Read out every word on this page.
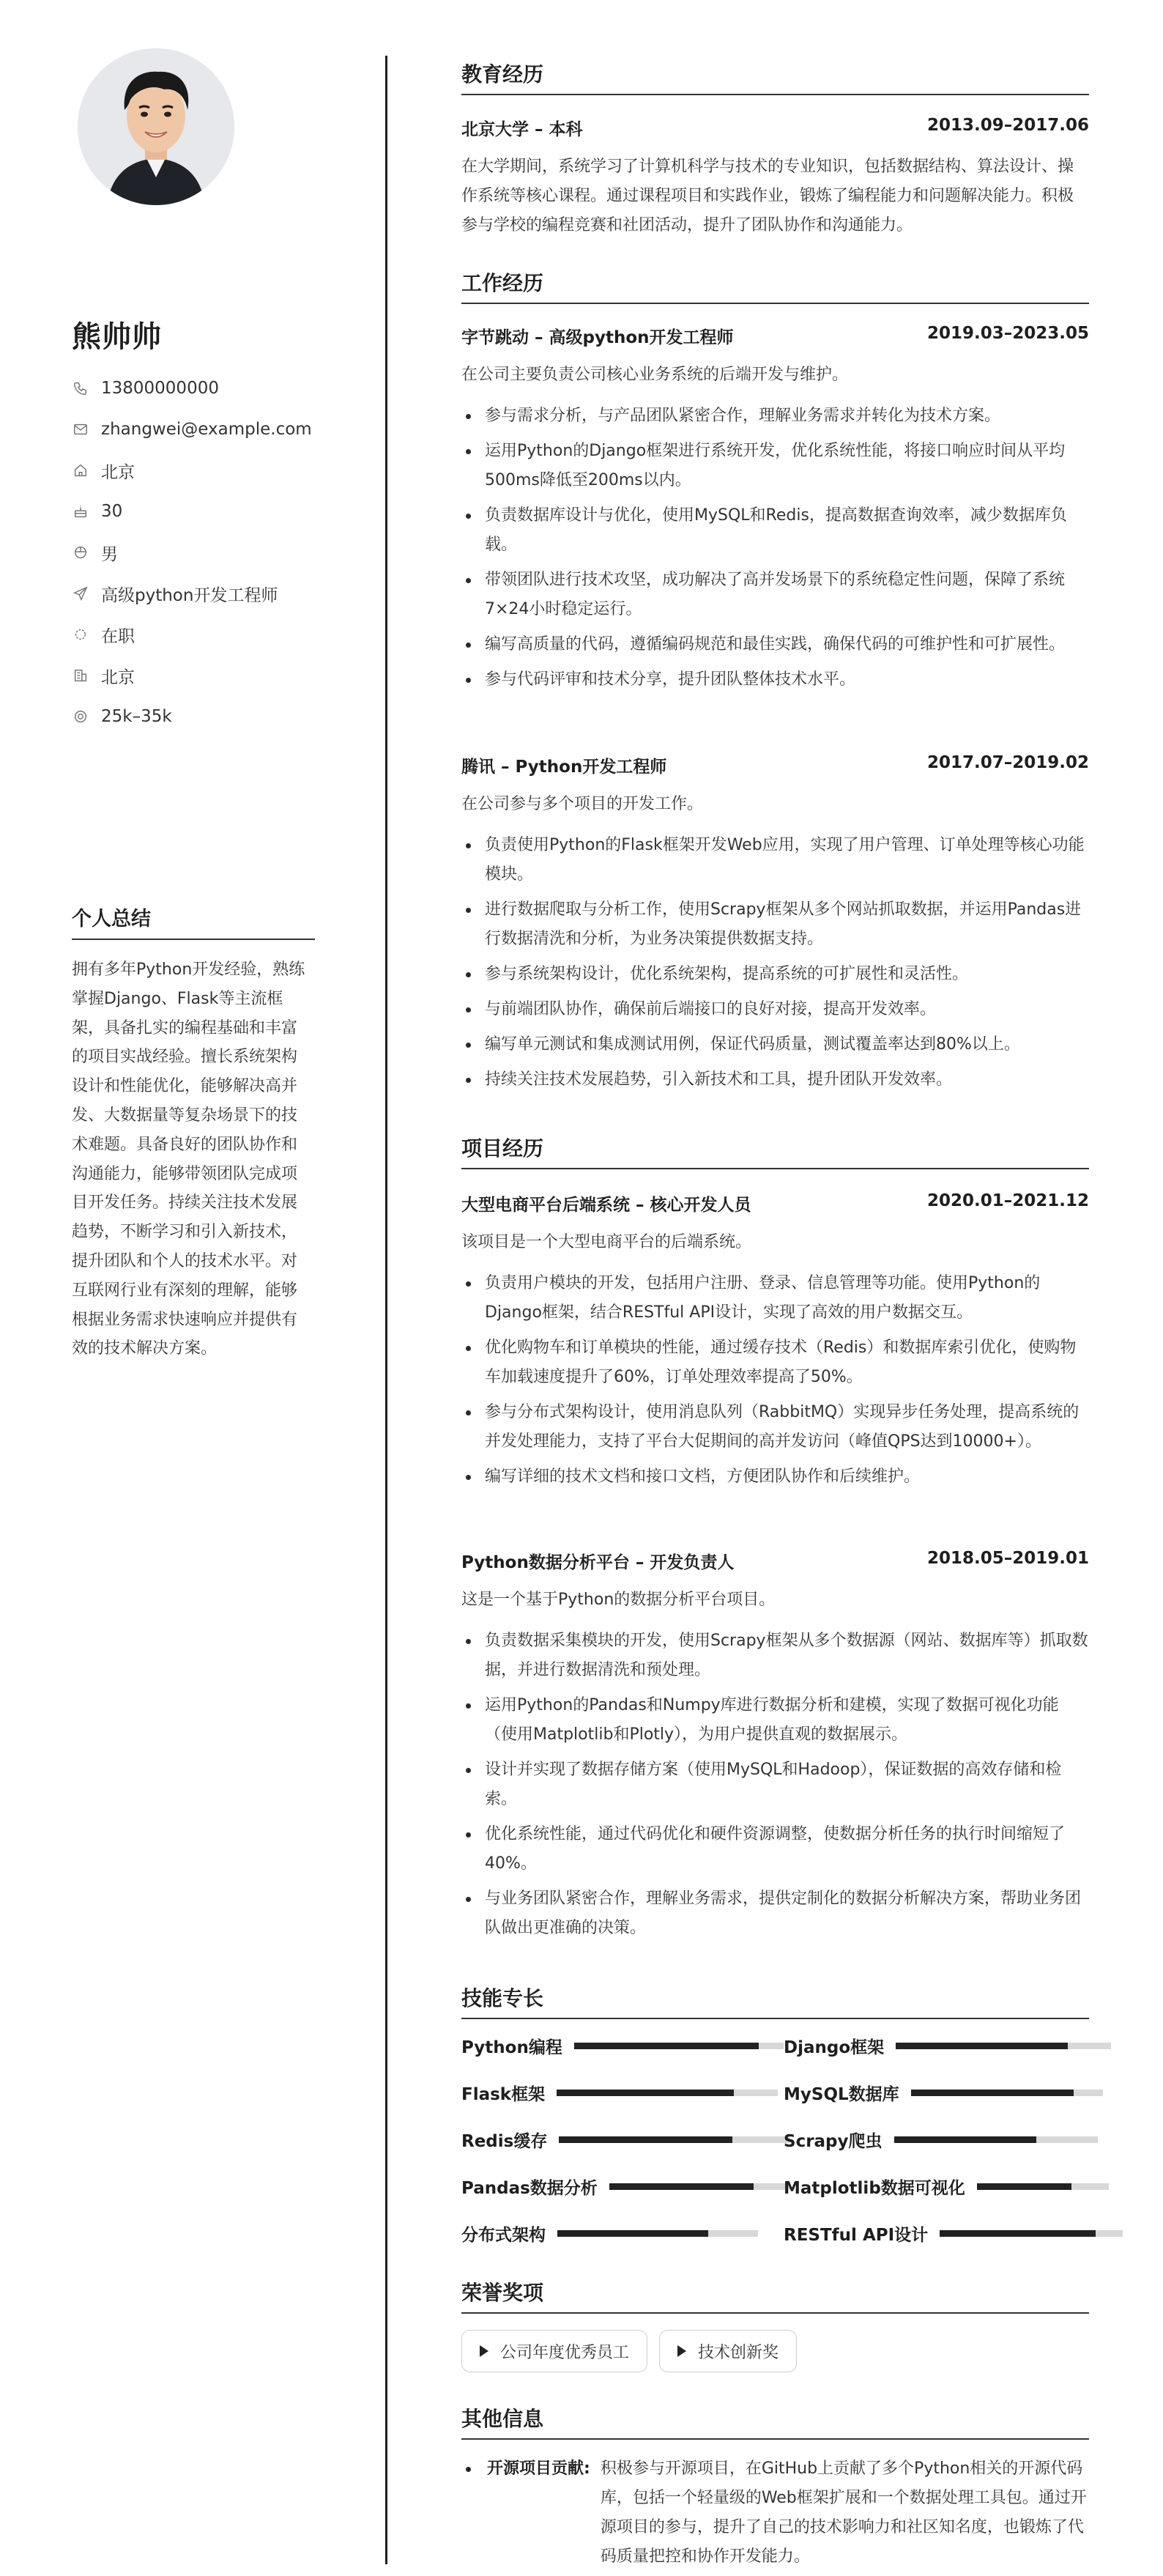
熊帅帅
13800000000
zhangwei@example.com
北京
30
男
高级python开发工程师
在职
北京
25k–35k
个人总结
拥有多年Python开发经验，熟练掌握Django、Flask等主流框架，具备扎实的编程基础和丰富的项目实战经验。擅长系统架构设计和性能优化，能够解决高并发、大数据量等复杂场景下的技术难题。具备良好的团队协作和沟通能力，能够带领团队完成项目开发任务。持续关注技术发展趋势，不断学习和引入新技术，提升团队和个人的技术水平。对互联网行业有深刻的理解，能够根据业务需求快速响应并提供有效的技术解决方案。
教育经历
北京大学 – 本科	2013.09–2017.06
在大学期间，系统学习了计算机科学与技术的专业知识，包括数据结构、算法设计、操作系统等核心课程。通过课程项目和实践作业，锻炼了编程能力和问题解决能力。积极参与学校的编程竞赛和社团活动，提升了团队协作和沟通能力。
工作经历
字节跳动 – 高级python开发工程师	2019.03–2023.05
在公司主要负责公司核心业务系统的后端开发与维护。
参与需求分析，与产品团队紧密合作，理解业务需求并转化为技术方案。
运用Python的Django框架进行系统开发，优化系统性能，将接口响应时间从平均500ms降低至200ms以内。
负责数据库设计与优化，使用MySQL和Redis，提高数据查询效率，减少数据库负载。
带领团队进行技术攻坚，成功解决了高并发场景下的系统稳定性问题，保障了系统7×24小时稳定运行。
编写高质量的代码，遵循编码规范和最佳实践，确保代码的可维护性和可扩展性。
参与代码评审和技术分享，提升团队整体技术水平。
腾讯 – Python开发工程师	2017.07–2019.02
在公司参与多个项目的开发工作。
负责使用Python的Flask框架开发Web应用，实现了用户管理、订单处理等核心功能模块。
进行数据爬取与分析工作，使用Scrapy框架从多个网站抓取数据，并运用Pandas进行数据清洗和分析，为业务决策提供数据支持。
参与系统架构设计，优化系统架构，提高系统的可扩展性和灵活性。
与前端团队协作，确保前后端接口的良好对接，提高开发效率。
编写单元测试和集成测试用例，保证代码质量，测试覆盖率达到80%以上。
持续关注技术发展趋势，引入新技术和工具，提升团队开发效率。
项目经历
大型电商平台后端系统 – 核心开发人员	2020.01–2021.12
该项目是一个大型电商平台的后端系统。
负责用户模块的开发，包括用户注册、登录、信息管理等功能。使用Python的Django框架，结合RESTful API设计，实现了高效的用户数据交互。
优化购物车和订单模块的性能，通过缓存技术（Redis）和数据库索引优化，使购物车加载速度提升了60%，订单处理效率提高了50%。
参与分布式架构设计，使用消息队列（RabbitMQ）实现异步任务处理，提高系统的并发处理能力，支持了平台大促期间的高并发访问（峰值QPS达到10000+）。
编写详细的技术文档和接口文档，方便团队协作和后续维护。
Python数据分析平台 – 开发负责人	2018.05–2019.01
这是一个基于Python的数据分析平台项目。
负责数据采集模块的开发，使用Scrapy框架从多个数据源（网站、数据库等）抓取数据，并进行数据清洗和预处理。
运用Python的Pandas和Numpy库进行数据分析和建模，实现了数据可视化功能（使用Matplotlib和Plotly），为用户提供直观的数据展示。
设计并实现了数据存储方案（使用MySQL和Hadoop），保证数据的高效存储和检索。
优化系统性能，通过代码优化和硬件资源调整，使数据分析任务的执行时间缩短了40%。
与业务团队紧密合作，理解业务需求，提供定制化的数据分析解决方案，帮助业务团队做出更准确的决策。
技能专长
Python编程	Django框架
Flask框架	MySQL数据库
Redis缓存	Scrapy爬虫
Pandas数据分析	Matplotlib数据可视化
分布式架构	RESTful API设计
荣誉奖项
公司年度优秀员工	技术创新奖
其他信息
开源项目贡献: 积极参与开源项目，在GitHub上贡献了多个Python相关的开源代码库，包括一个轻量级的Web框架扩展和一个数据处理工具包。通过开源项目的参与，提升了自己的技术影响力和社区知名度，也锻炼了代码质量把控和协作开发能力。
